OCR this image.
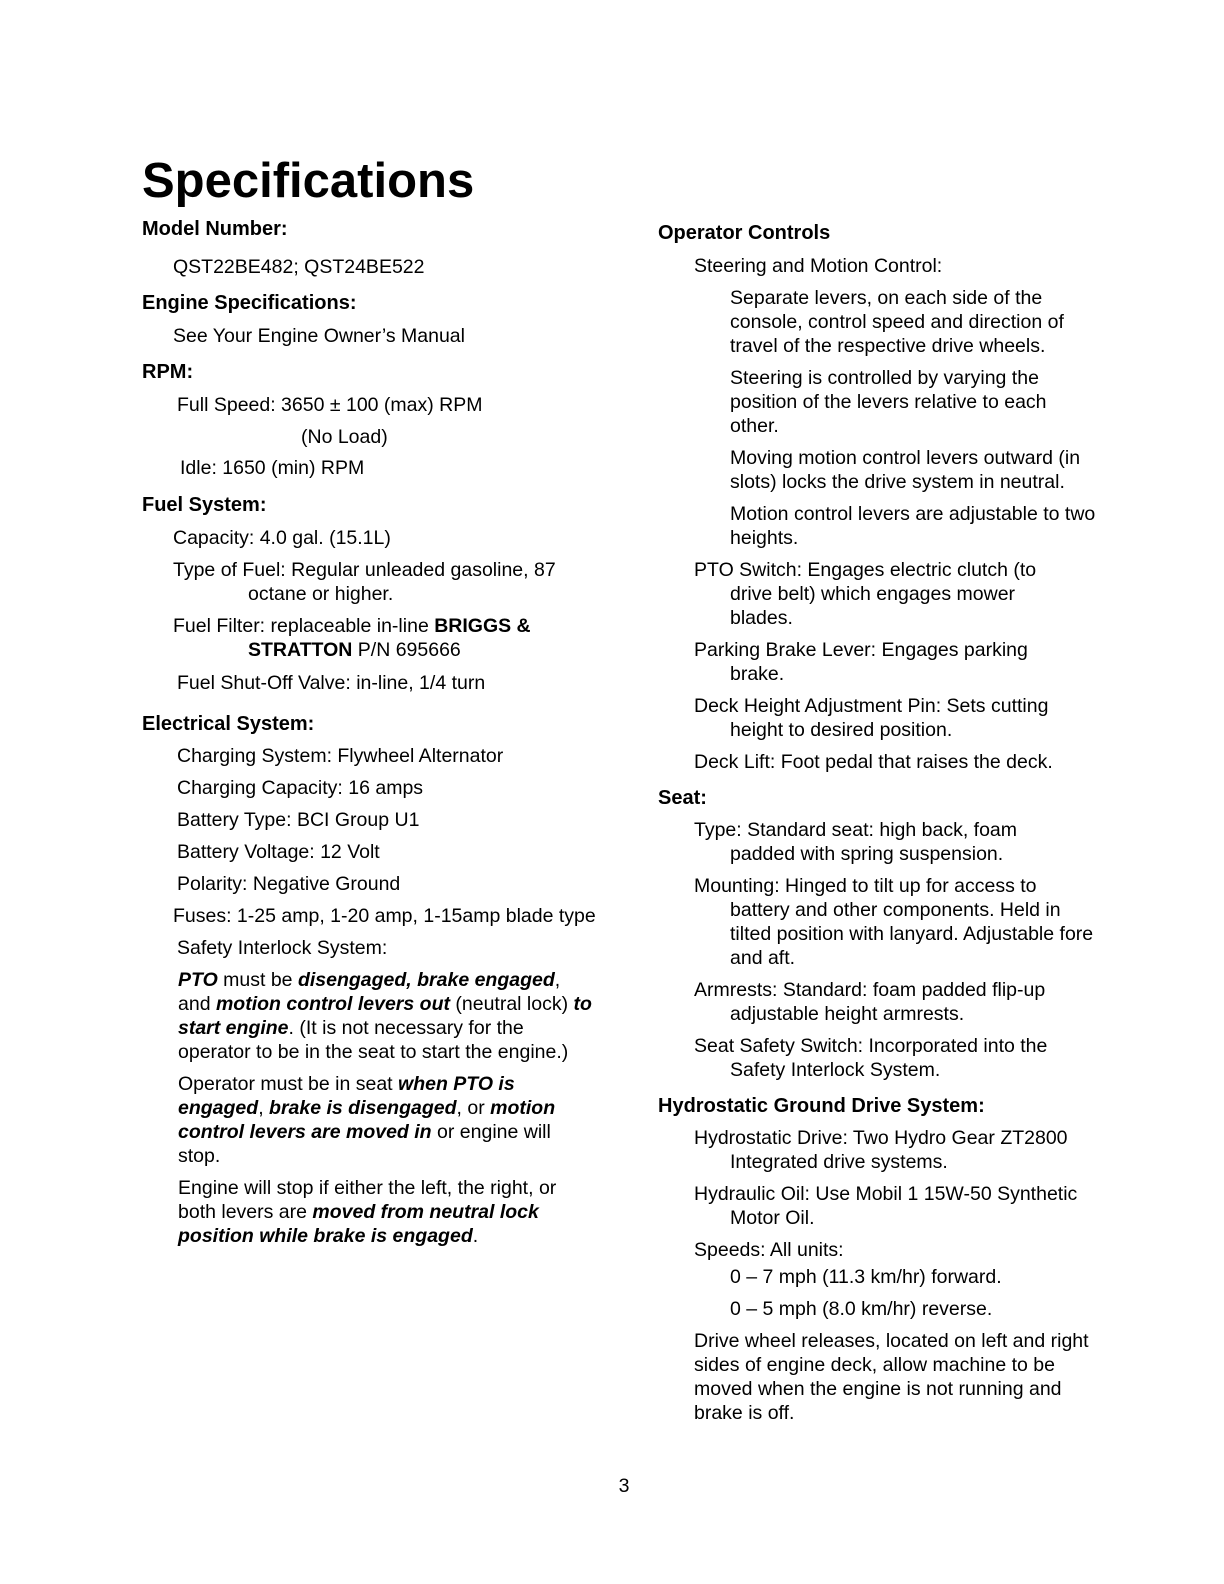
Specifications

Model Number:

QST22BE482; QST24BE522

Engine Specifications:

See Your Engine Owner’s Manual

RPM:

Full Speed: 3650 ± 100 (max) RPM

(No Load)

Idle: 1650 (min) RPM

Fuel System:

Capacity: 4.0 gal. (15.1L)

Type of Fuel: Regular unleaded gasoline, 87 octane or higher.

Fuel Filter: replaceable in-line BRIGGS & STRATTON P/N 695666

Fuel Shut-Off Valve: in-line, 1/4 turn

Electrical System:

Charging System: Flywheel Alternator

Charging Capacity: 16 amps

Battery Type: BCI Group U1

Battery Voltage: 12 Volt

Polarity: Negative Ground

Fuses: 1-25 amp, 1-20 amp, 1-15amp blade type

Safety Interlock System:

PTO must be disengaged, brake engaged, and motion control levers out (neutral lock) to start engine. (It is not necessary for the operator to be in the seat to start the engine.)

Operator must be in seat when PTO is engaged, brake is disengaged, or motion control levers are moved in or engine will stop.

Engine will stop if either the left, the right, or both levers are moved from neutral lock position while brake is engaged.

Operator Controls

Steering and Motion Control:

Separate levers, on each side of the console, control speed and direction of travel of the respective drive wheels.

Steering is controlled by varying the position of the levers relative to each other.

Moving motion control levers outward (in slots) locks the drive system in neutral.

Motion control levers are adjustable to two heights.

PTO Switch: Engages electric clutch (to drive belt) which engages mower blades.

Parking Brake Lever: Engages parking brake.

Deck Height Adjustment Pin: Sets cutting height to desired position.

Deck Lift: Foot pedal that raises the deck.

Seat:

Type: Standard seat: high back, foam padded with spring suspension.

Mounting: Hinged to tilt up for access to battery and other components. Held in tilted position with lanyard. Adjustable fore and aft.

Armrests: Standard: foam padded flip-up adjustable height armrests.

Seat Safety Switch: Incorporated into the Safety Interlock System.

Hydrostatic Ground Drive System:

Hydrostatic Drive: Two Hydro Gear ZT2800 Integrated drive systems.

Hydraulic Oil: Use Mobil 1 15W-50 Synthetic Motor Oil.

Speeds: All units:

0 – 7 mph (11.3 km/hr) forward.

0 – 5 mph (8.0 km/hr) reverse.

Drive wheel releases, located on left and right sides of engine deck, allow machine to be moved when the engine is not running and brake is off.

3
